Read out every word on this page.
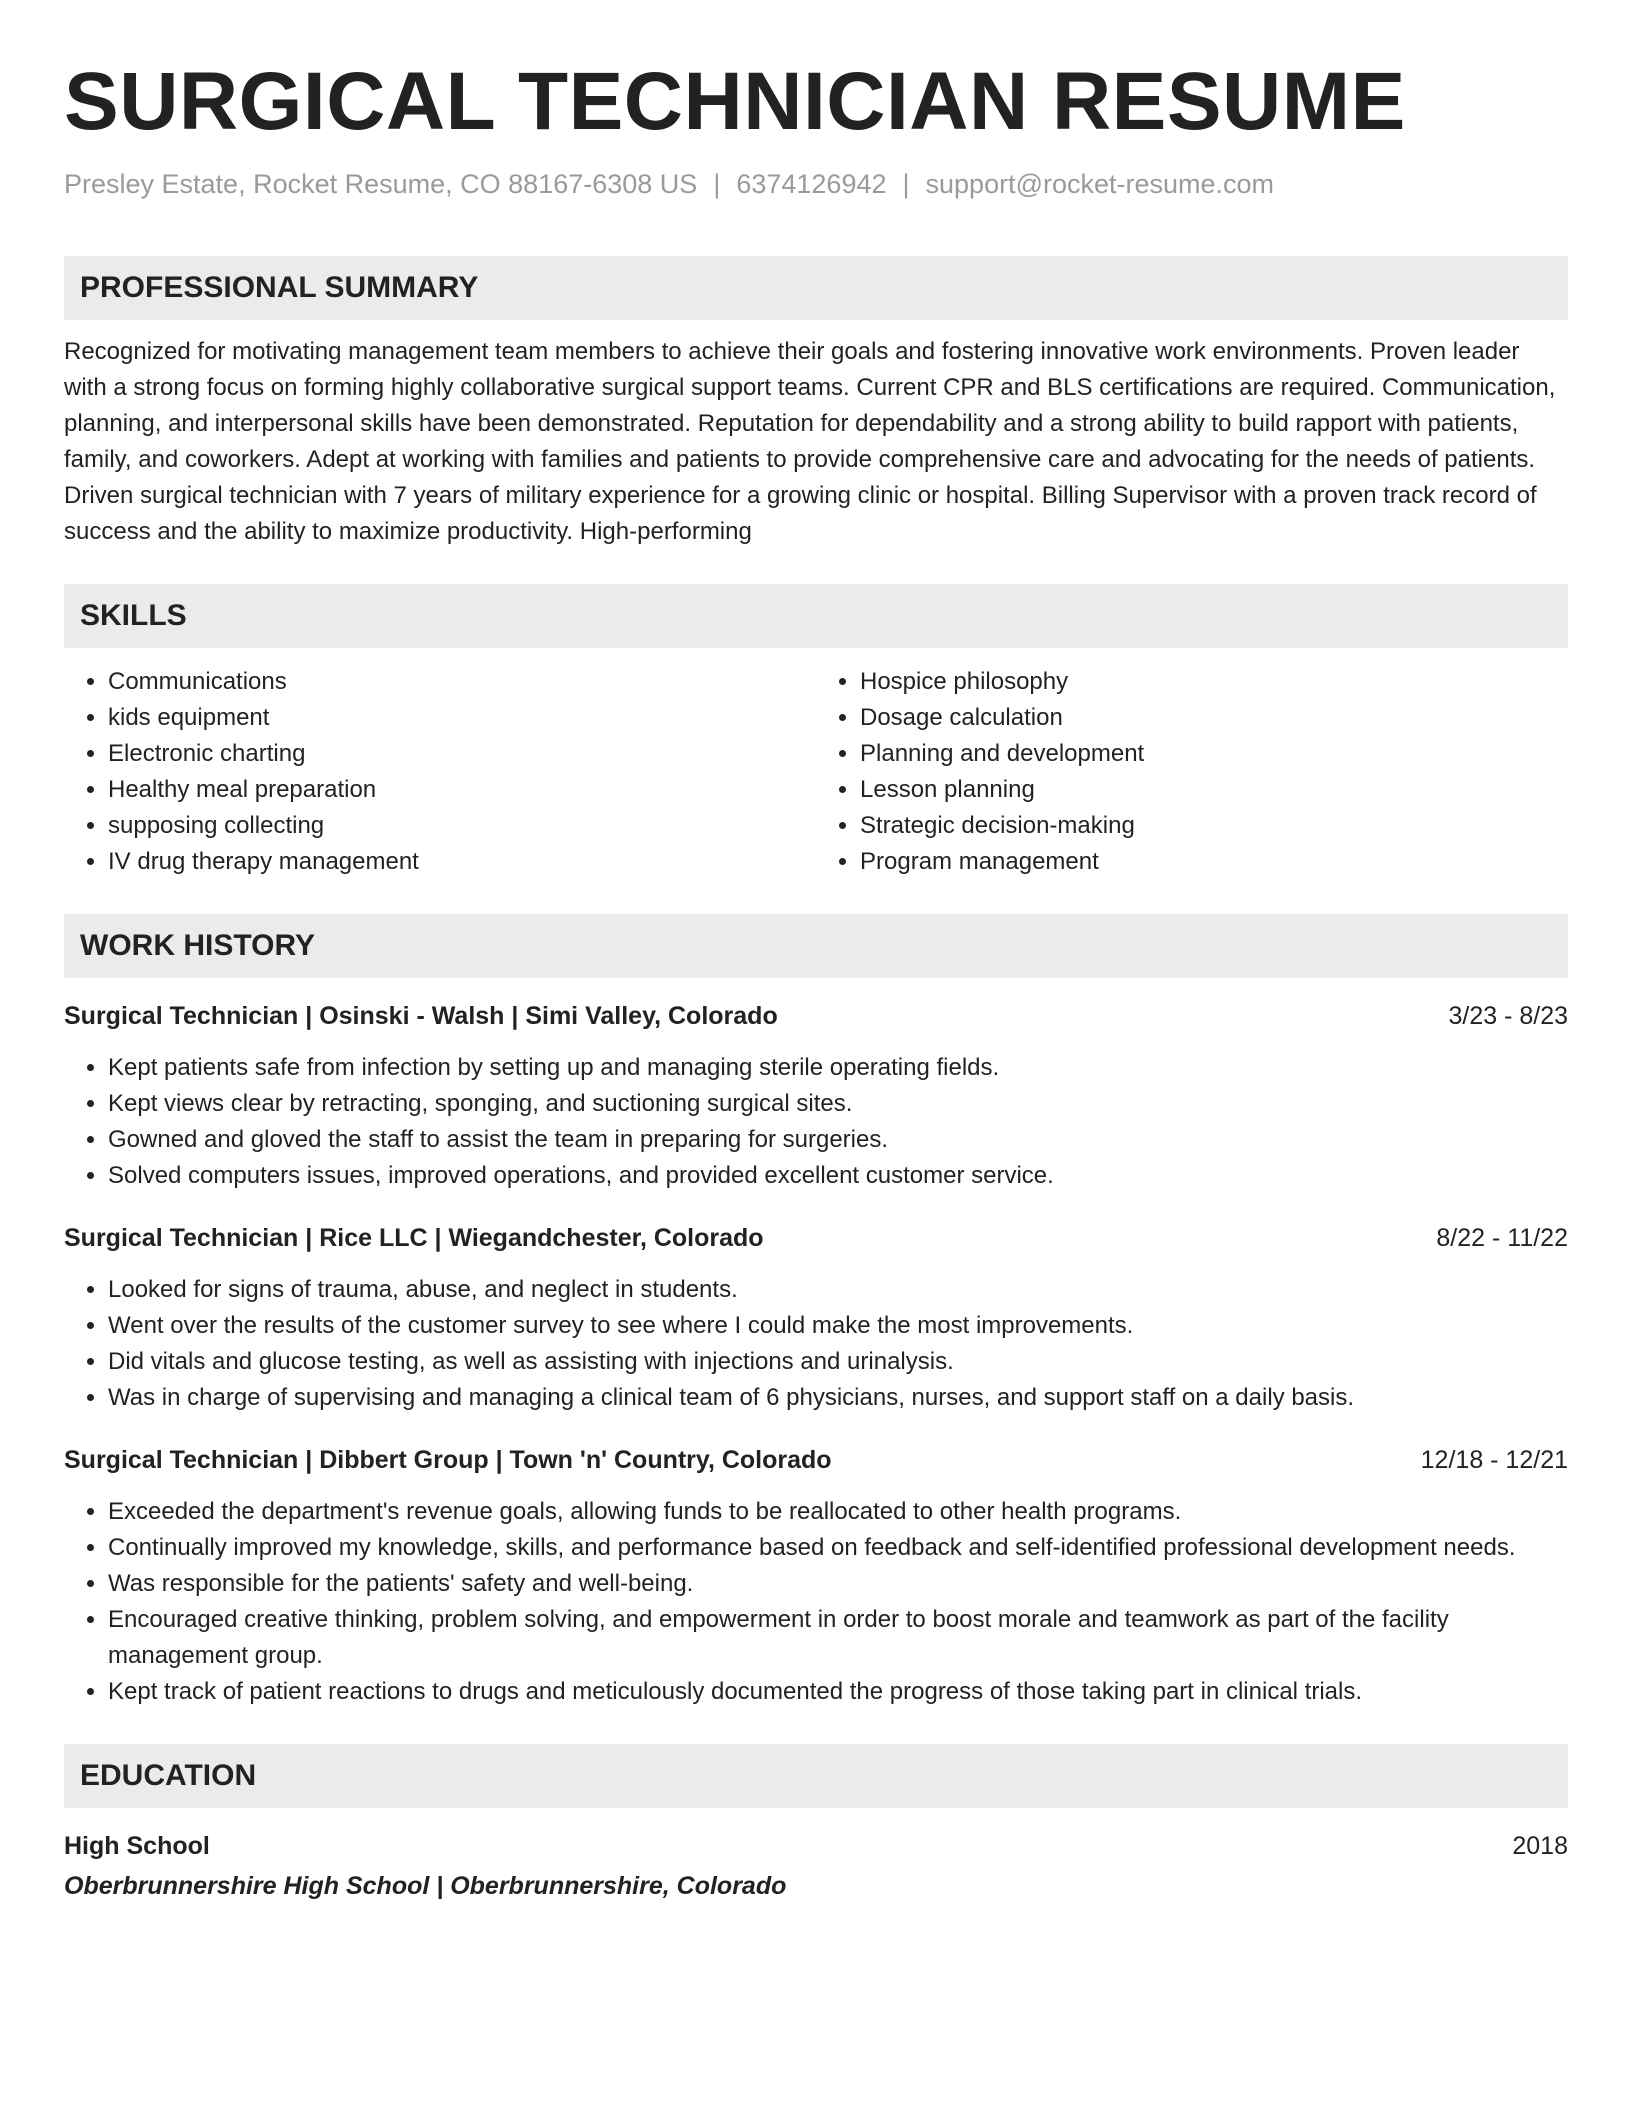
SURGICAL TECHNICIAN RESUME
Presley Estate, Rocket Resume, CO 88167-6308 US | 6374126942 | support@rocket-resume.com
PROFESSIONAL SUMMARY
Recognized for motivating management team members to achieve their goals and fostering innovative work environments. Proven leader with a strong focus on forming highly collaborative surgical support teams. Current CPR and BLS certifications are required. Communication, planning, and interpersonal skills have been demonstrated. Reputation for dependability and a strong ability to build rapport with patients, family, and coworkers. Adept at working with families and patients to provide comprehensive care and advocating for the needs of patients. Driven surgical technician with 7 years of military experience for a growing clinic or hospital. Billing Supervisor with a proven track record of success and the ability to maximize productivity. High-performing
SKILLS
• Communications
• kids equipment
• Electronic charting
• Healthy meal preparation
• supposing collecting
• IV drug therapy management
• Hospice philosophy
• Dosage calculation
• Planning and development
• Lesson planning
• Strategic decision-making
• Program management
WORK HISTORY
Surgical Technician | Osinski - Walsh | Simi Valley, Colorado	3/23 - 8/23
• Kept patients safe from infection by setting up and managing sterile operating fields.
• Kept views clear by retracting, sponging, and suctioning surgical sites.
• Gowned and gloved the staff to assist the team in preparing for surgeries.
• Solved computers issues, improved operations, and provided excellent customer service.
Surgical Technician | Rice LLC | Wiegandchester, Colorado	8/22 - 11/22
• Looked for signs of trauma, abuse, and neglect in students.
• Went over the results of the customer survey to see where I could make the most improvements.
• Did vitals and glucose testing, as well as assisting with injections and urinalysis.
• Was in charge of supervising and managing a clinical team of 6 physicians, nurses, and support staff on a daily basis.
Surgical Technician | Dibbert Group | Town 'n' Country, Colorado	12/18 - 12/21
• Exceeded the department's revenue goals, allowing funds to be reallocated to other health programs.
• Continually improved my knowledge, skills, and performance based on feedback and self-identified professional development needs.
• Was responsible for the patients' safety and well-being.
• Encouraged creative thinking, problem solving, and empowerment in order to boost morale and teamwork as part of the facility management group.
• Kept track of patient reactions to drugs and meticulously documented the progress of those taking part in clinical trials.
EDUCATION
High School	2018
Oberbrunnershire High School | Oberbrunnershire, Colorado
